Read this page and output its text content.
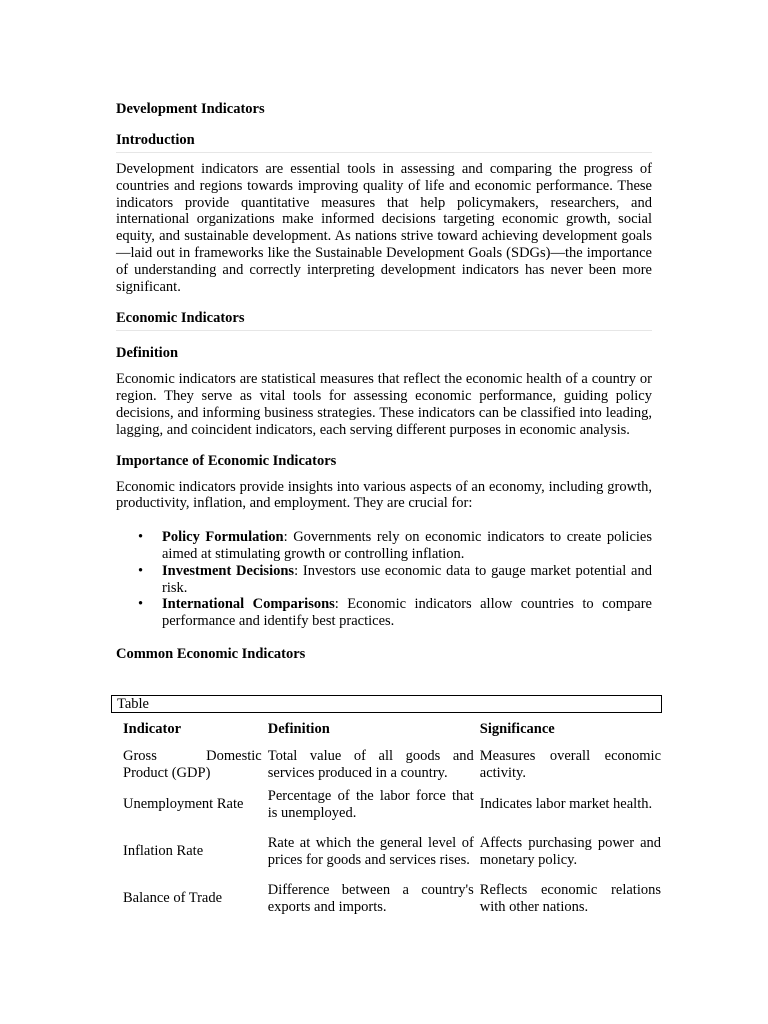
Development Indicators
Introduction

Development indicators are essential tools in assessing and comparing the progress of countries and regions towards improving quality of life and economic performance. These indicators provide quantitative measures that help policymakers, researchers, and international organizations make informed decisions targeting economic growth, social equity, and sustainable development. As nations strive toward achieving development goals—laid out in frameworks like the Sustainable Development Goals (SDGs)—the importance of understanding and correctly interpreting development indicators has never been more significant.

Economic Indicators
Definition

Economic indicators are statistical measures that reflect the economic health of a country or region. They serve as vital tools for assessing economic performance, guiding policy decisions, and informing business strategies. These indicators can be classified into leading, lagging, and coincident indicators, each serving different purposes in economic analysis.

Importance of Economic Indicators

Economic indicators provide insights into various aspects of an economy, including growth, productivity, inflation, and employment. They are crucial for:

• Policy Formulation: Governments rely on economic indicators to create policies aimed at stimulating growth or controlling inflation.
• Investment Decisions: Investors use economic data to gauge market potential and risk.
• International Comparisons: Economic indicators allow countries to compare performance and identify best practices.
Common Economic Indicators
Table
Indicator	Definition	Significance
Gross Domestic Product (GDP)	Total value of all goods and services produced in a country.	Measures overall economic activity.
Unemployment Rate	Percentage of the labor force that is unemployed.	Indicates labor market health.
Inflation Rate	Rate at which the general level of prices for goods and services rises.	Affects purchasing power and monetary policy.
Balance of Trade	Difference between a country's exports and imports.	Reflects economic relations with other nations.
